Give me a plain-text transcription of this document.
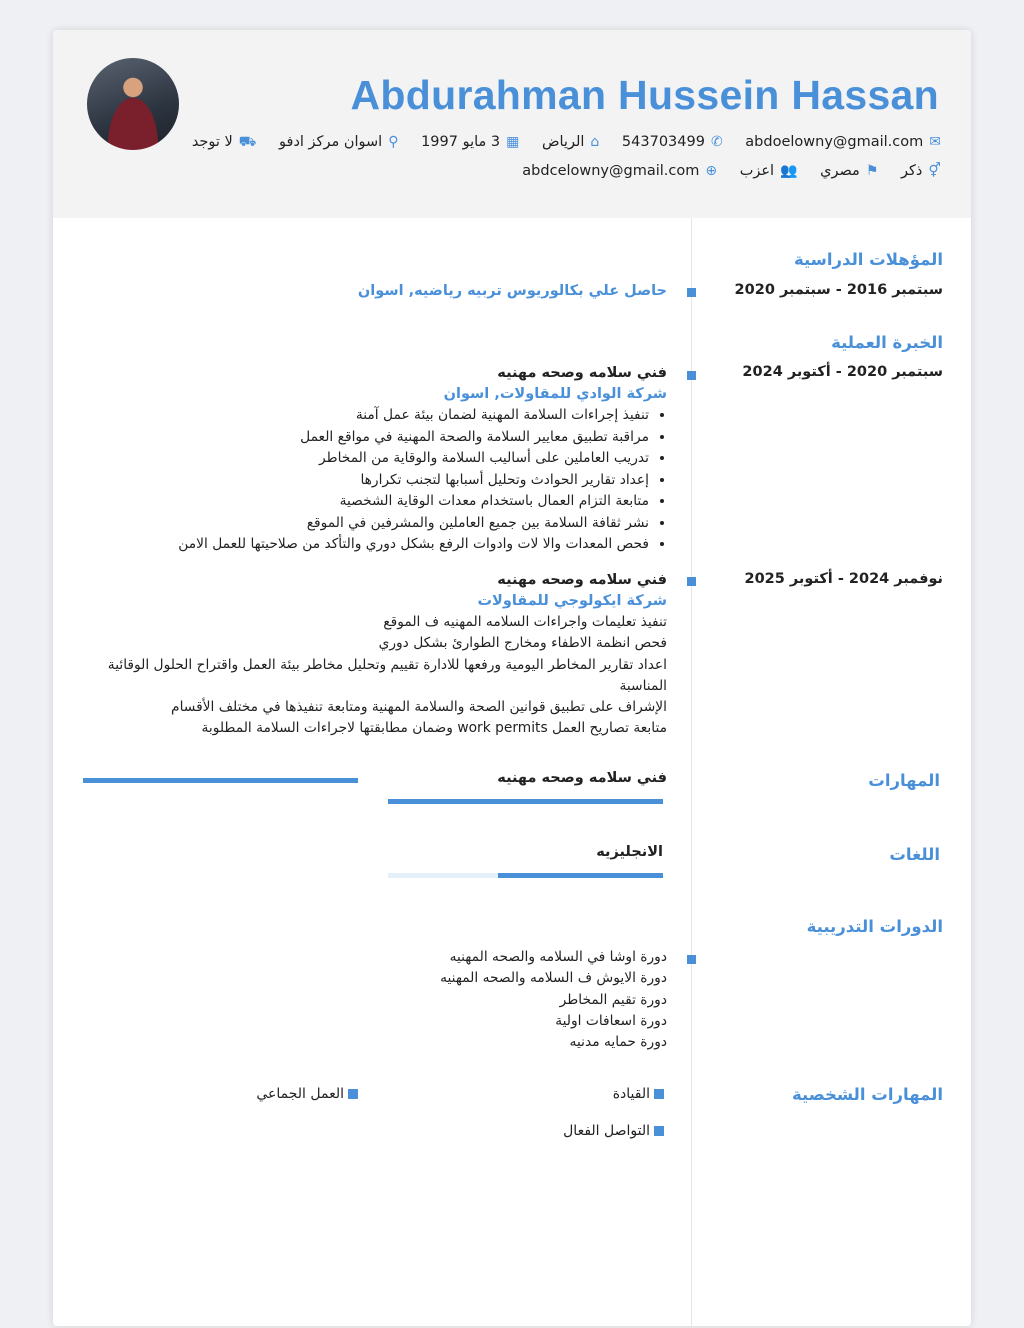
Abdurahman Hussein Hassan
✉abdoelowny@gmail.com ✆543703499 ⌂الرياض ▦3 مايو 1997 ⚲اسوان مركز ادفو ⛟لا توجد
⚥ذكر ⚑مصري 👥اعزب ⊕abdcelowny@gmail.com
المؤهلات الدراسية
سبتمبر 2016 - سبتمبر 2020
حاصل علي بكالوريوس تربيه رياضيه, اسوان
الخبرة العملية
سبتمبر 2020 - أكتوبر 2024
فني سلامه وصحه مهنيه
شركة الوادي للمقاولات, اسوان
• تنفيذ إجراءات السلامة المهنية لضمان بيئة عمل آمنة
• مراقبة تطبيق معايير السلامة والصحة المهنية في مواقع العمل
• تدريب العاملين على أساليب السلامة والوقاية من المخاطر
• إعداد تقارير الحوادث وتحليل أسبابها لتجنب تكرارها
• متابعة التزام العمال باستخدام معدات الوقاية الشخصية
• نشر ثقافة السلامة بين جميع العاملين والمشرفين في الموقع
• فحص المعدات والا لات وادوات الرفع بشكل دوري والتأكد من صلاحيتها للعمل الامن
نوفمبر 2024 - أكتوبر 2025
فني سلامه وصحه مهنيه
شركة ايكولوجي للمقاولات
تنفيذ تعليمات واجراءات السلامه المهنيه ف الموقع
فحص انظمة الاطفاء ومخارج الطوارئ بشكل دوري
اعداد تقارير المخاطر اليومية ورفعها للادارة تقييم وتحليل مخاطر بيئة العمل واقتراح الحلول الوقائية المناسبة
الإشراف على تطبيق قوانين الصحة والسلامة المهنية ومتابعة تنفيذها في مختلف الأقسام
متابعة تصاريح العمل work permits وضمان مطابقتها لاجراءات السلامة المطلوبة
المهارات
فني سلامه وصحه مهنيه
اللغات
الانجليزيه
الدورات التدريبية
دورة اوشا في السلامه والصحه المهنيه
دورة الايوش ف السلامه والصحه المهنيه
دورة تقيم المخاطر
دورة اسعافات اولية
دورة حمايه مدنيه
المهارات الشخصية
القيادة
العمل الجماعي
التواصل الفعال
